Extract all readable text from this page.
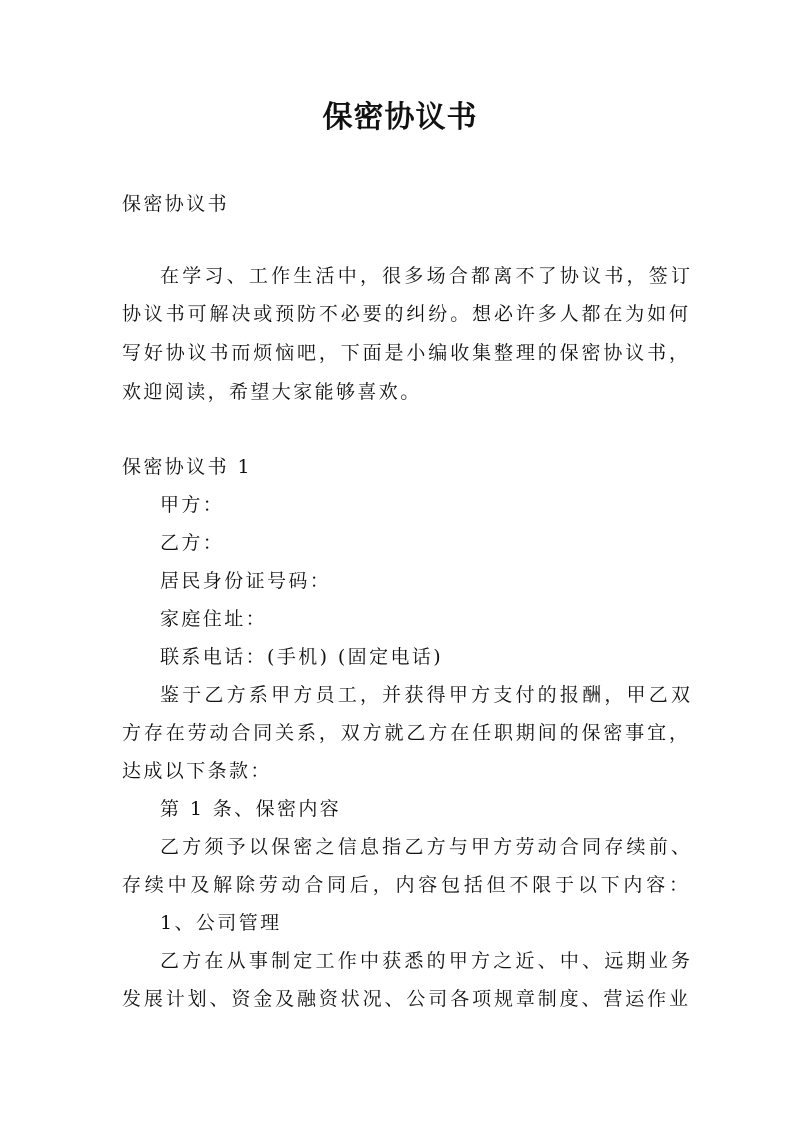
保密协议书
保密协议书
在学习、工作生活中，很多场合都离不了协议书，签订
协议书可解决或预防不必要的纠纷。想必许多人都在为如何
写好协议书而烦恼吧，下面是小编收集整理的保密协议书，
欢迎阅读，希望大家能够喜欢。
保密协议书 1
甲方：
乙方：
居民身份证号码：
家庭住址：
联系电话：(手机) (固定电话)
鉴于乙方系甲方员工，并获得甲方支付的报酬，甲乙双
方存在劳动合同关系，双方就乙方在任职期间的保密事宜，
达成以下条款：
第 1 条、保密内容
乙方须予以保密之信息指乙方与甲方劳动合同存续前、
存续中及解除劳动合同后，内容包括但不限于以下内容：
1、公司管理
乙方在从事制定工作中获悉的甲方之近、中、远期业务
发展计划、资金及融资状况、公司各项规章制度、营运作业
